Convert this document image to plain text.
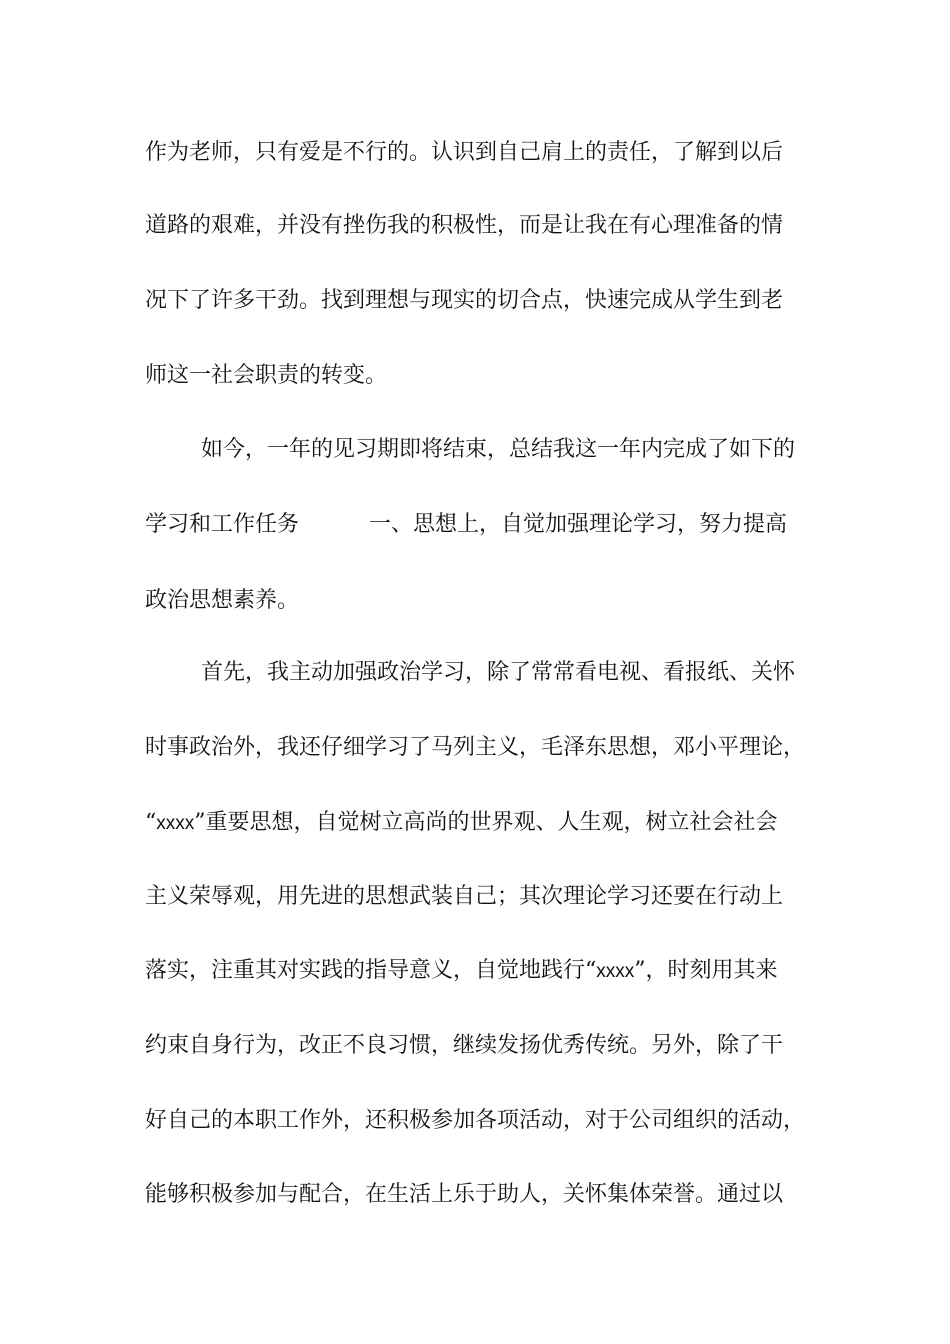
作为老师，只有爱是不行的。认识到自己肩上的责任，了解到以后
道路的艰难，并没有挫伤我的积极性，而是让我在有心理准备的情
况下了许多干劲。找到理想与现实的切合点，快速完成从学生到老
师这一社会职责的转变。
如今，一年的见习期即将结束，总结我这一年内完成了如下的
学习和工作任务	一、思想上，自觉加强理论学习，努力提高
政治思想素养。
首先，我主动加强政治学习，除了常常看电视、看报纸、关怀
时事政治外，我还仔细学习了马列主义，毛泽东思想，邓小平理论，
“xxxx”重要思想，自觉树立高尚的世界观、人生观，树立社会社会
主义荣辱观，用先进的思想武装自己；其次理论学习还要在行动上
落实，注重其对实践的指导意义，自觉地践行“xxxx”，时刻用其来
约束自身行为，改正不良习惯，继续发扬优秀传统。另外，除了干
好自己的本职工作外，还积极参加各项活动，对于公司组织的活动，
能够积极参加与配合，在生活上乐于助人，关怀集体荣誉。通过以
